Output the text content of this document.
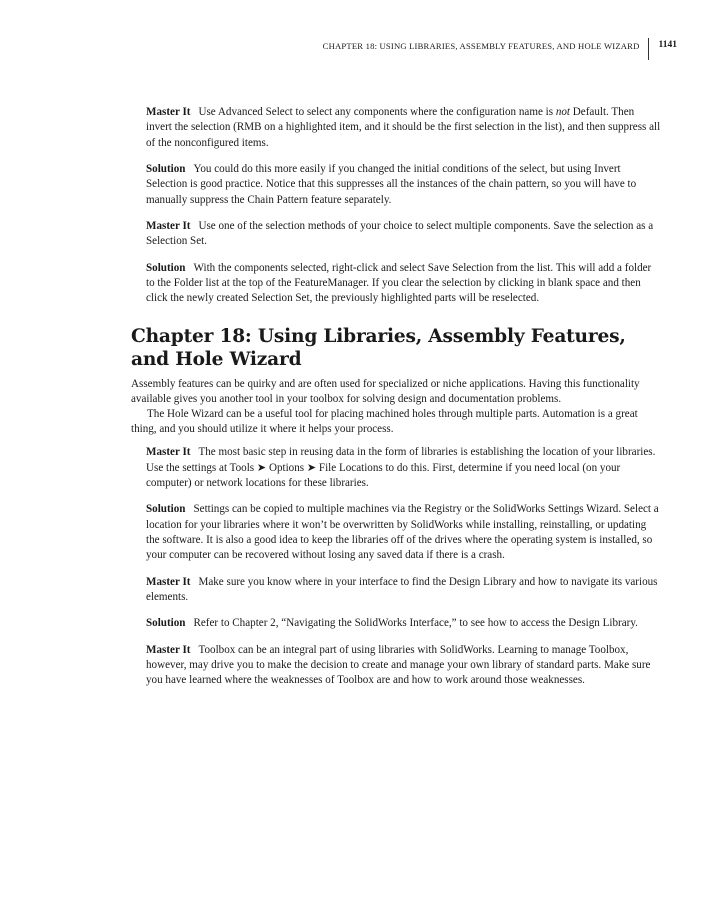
CHAPTER 18: USING LIBRARIES, ASSEMBLY FEATURES, AND HOLE WIZARD	1141

Master It Use Advanced Select to select any components where the configuration name is not Default. Then invert the selection (RMB on a highlighted item, and it should be the first selection in the list), and then suppress all of the nonconfigured items.

Solution You could do this more easily if you changed the initial conditions of the select, but using Invert Selection is good practice. Notice that this suppresses all the instances of the chain pattern, so you will have to manually suppress the Chain Pattern feature separately.

Master It Use one of the selection methods of your choice to select multiple components. Save the selection as a Selection Set.

Solution With the components selected, right-click and select Save Selection from the list. This will add a folder to the Folder list at the top of the FeatureManager. If you clear the selection by clicking in blank space and then click the newly created Selection Set, the previously highlighted parts will be reselected.

Chapter 18: Using Libraries, Assembly Features, and Hole Wizard

Assembly features can be quirky and are often used for specialized or niche applications. Having this functionality available gives you another tool in your toolbox for solving design and documentation problems.

The Hole Wizard can be a useful tool for placing machined holes through multiple parts. Automation is a great thing, and you should utilize it where it helps your process.

Master It The most basic step in reusing data in the form of libraries is establishing the location of your libraries. Use the settings at Tools ➤ Options ➤ File Locations to do this. First, determine if you need local (on your computer) or network locations for these libraries.

Solution Settings can be copied to multiple machines via the Registry or the SolidWorks Settings Wizard. Select a location for your libraries where it won’t be overwritten by SolidWorks while installing, reinstalling, or updating the software. It is also a good idea to keep the libraries off of the drives where the operating system is installed, so your computer can be recovered without losing any saved data if there is a crash.

Master It Make sure you know where in your interface to find the Design Library and how to navigate its various elements.

Solution Refer to Chapter 2, “Navigating the SolidWorks Interface,” to see how to access the Design Library.

Master It Toolbox can be an integral part of using libraries with SolidWorks. Learning to manage Toolbox, however, may drive you to make the decision to create and manage your own library of standard parts. Make sure you have learned where the weaknesses of Toolbox are and how to work around those weaknesses.
